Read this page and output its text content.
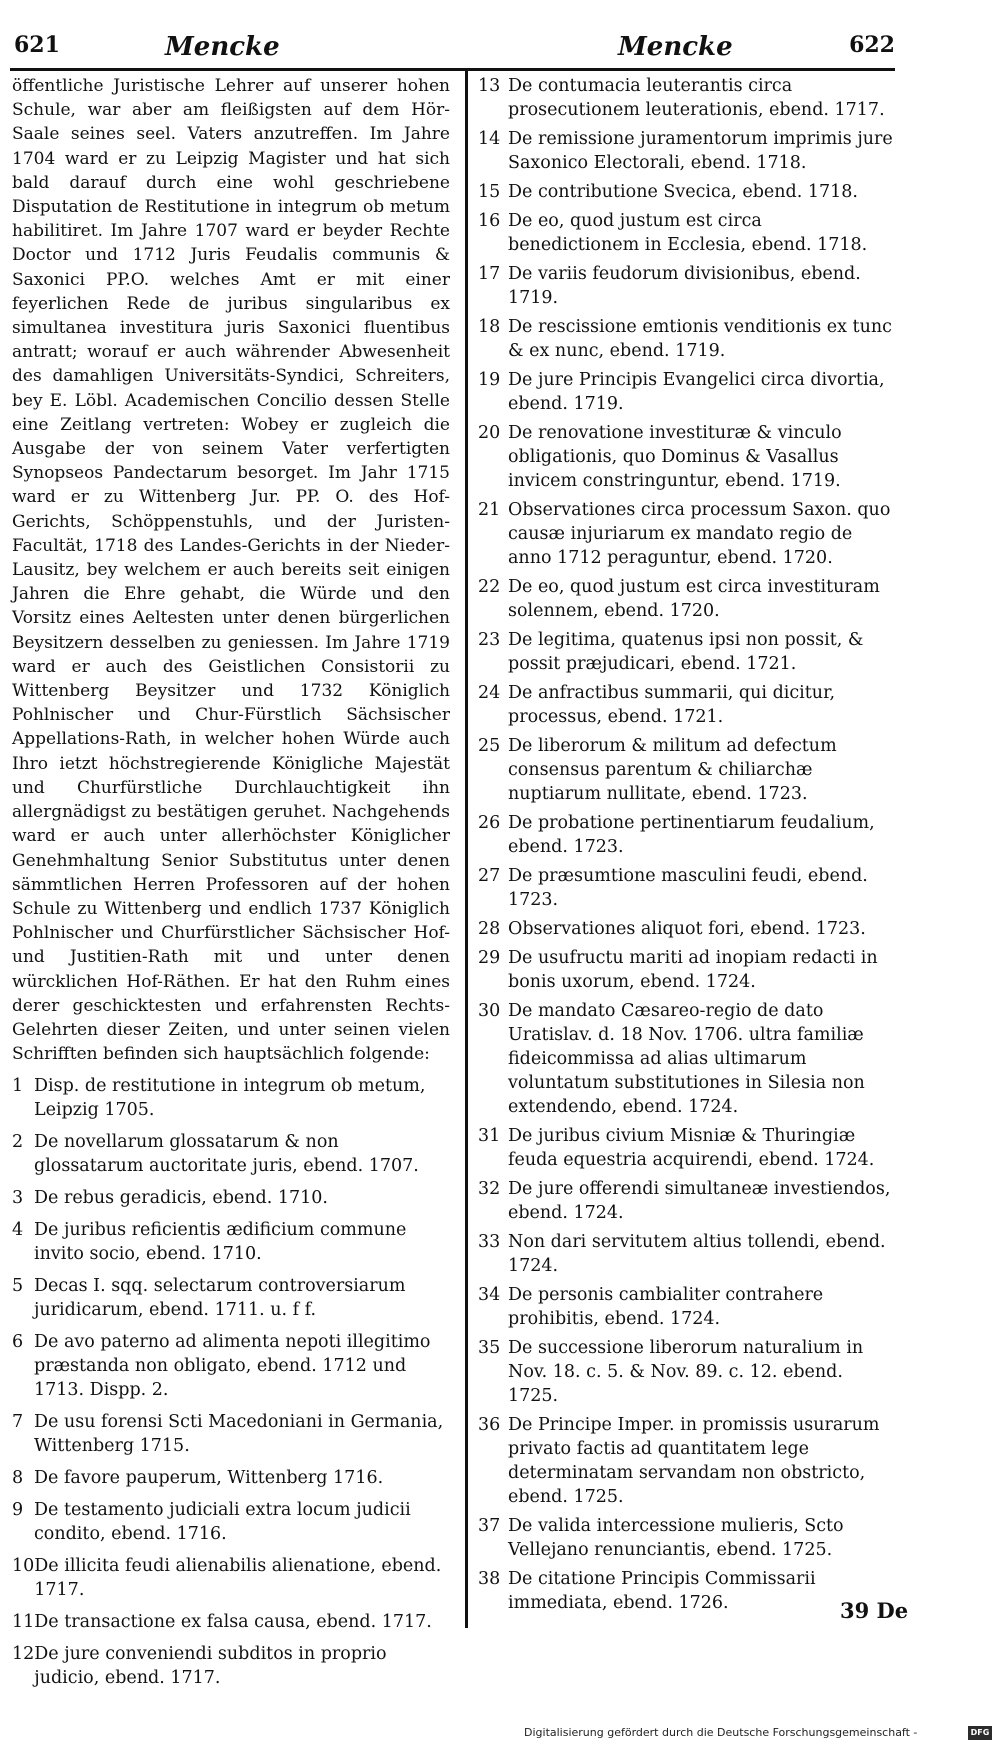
621	Mencke	Mencke	622

öffentliche Juristische Lehrer auf unserer hohen Schule, war aber am fleißigsten auf dem Hör-Saale seines seel. Vaters anzutreffen. Im Jahre 1704 ward er zu Leipzig Magister und hat sich bald darauf durch eine wohl geschriebene Disputation de Restitutione in integrum ob metum habilitiret. Im Jahre 1707 ward er beyder Rechte Doctor und 1712 Juris Feudalis communis & Saxonici PP.O. welches Amt er mit einer feyerlichen Rede de juribus singularibus ex simultanea investitura juris Saxonici fluentibus antratt; worauf er auch währender Abwesenheit des damahligen Universitäts-Syndici, Schreiters, bey E. Löbl. Academischen Concilio dessen Stelle eine Zeitlang vertreten: Wobey er zugleich die Ausgabe der von seinem Vater verfertigten Synopseos Pandectarum besorget. Im Jahr 1715 ward er zu Wittenberg Jur. PP. O. des Hof-Gerichts, Schöppenstuhls, und der Juristen-Facultät, 1718 des Landes-Gerichts in der Nieder-Lausitz, bey welchem er auch bereits seit einigen Jahren die Ehre gehabt, die Würde und den Vorsitz eines Aeltesten unter denen bürgerlichen Beysitzern desselben zu geniessen. Im Jahre 1719 ward er auch des Geistlichen Consistorii zu Wittenberg Beysitzer und 1732 Königlich Pohlnischer und Chur-Fürstlich Sächsischer Appellations-Rath, in welcher hohen Würde auch Ihro ietzt höchstregierende Königliche Majestät und Churfürstliche Durchlauchtigkeit ihn allergnädigst zu bestätigen geruhet. Nachgehends ward er auch unter allerhöchster Königlicher Genehmhaltung Senior Substitutus unter denen sämmtlichen Herren Professoren auf der hohen Schule zu Wittenberg und endlich 1737 Königlich Pohlnischer und Churfürstlicher Sächsischer Hof-und Justitien-Rath mit und unter denen würcklichen Hof-Räthen. Er hat den Ruhm eines derer geschicktesten und erfahrensten Rechts-Gelehrten dieser Zeiten, und unter seinen vielen Schrifften befinden sich hauptsächlich folgende:

1 Disp. de restitutione in integrum ob metum, Leipzig 1705.
2 De novellarum glossatarum & non glossatarum auctoritate juris, ebend. 1707.
3 De rebus geradicis, ebend. 1710.
4 De juribus reficientis ædificium commune invito socio, ebend. 1710.
5 Decas I. sqq. selectarum controversiarum juridicarum, ebend. 1711. u. f f.
6 De avo paterno ad alimenta nepoti illegitimo præstanda non obligato, ebend. 1712 und 1713. Dispp. 2.
7 De usu forensi Scti Macedoniani in Germania, Wittenberg 1715.
8 De favore pauperum, Wittenberg 1716.
9 De testamento judiciali extra locum judicii condito, ebend. 1716.
10 De illicita feudi alienabilis alienatione, ebend. 1717.
11 De transactione ex falsa causa, ebend. 1717.
12 De jure conveniendi subditos in proprio judicio, ebend. 1717.
13 De contumacia leuterantis circa prosecutionem leuterationis, ebend. 1717.
14 De remissione juramentorum imprimis jure Saxonico Electorali, ebend. 1718.
15 De contributione Svecica, ebend. 1718.
16 De eo, quod justum est circa benedictionem in Ecclesia, ebend. 1718.
17 De variis feudorum divisionibus, ebend. 1719.
18 De rescissione emtionis venditionis ex tunc & ex nunc, ebend. 1719.
19 De jure Principis Evangelici circa divortia, ebend. 1719.
20 De renovatione investituræ & vinculo obligationis, quo Dominus & Vasallus invicem constringuntur, ebend. 1719.
21 Observationes circa processum Saxon. quo causæ injuriarum ex mandato regio de anno 1712 peraguntur, ebend. 1720.
22 De eo, quod justum est circa investituram solennem, ebend. 1720.
23 De legitima, quatenus ipsi non possit, & possit præjudicari, ebend. 1721.
24 De anfractibus summarii, qui dicitur, processus, ebend. 1721.
25 De liberorum & militum ad defectum consensus parentum & chiliarchæ nuptiarum nullitate, ebend. 1723.
26 De probatione pertinentiarum feudalium, ebend. 1723.
27 De præsumtione masculini feudi, ebend. 1723.
28 Observationes aliquot fori, ebend. 1723.
29 De usufructu mariti ad inopiam redacti in bonis uxorum, ebend. 1724.
30 De mandato Cæsareo-regio de dato Uratislav. d. 18 Nov. 1706. ultra familiæ fideicommissa ad alias ultimarum voluntatum substitutiones in Silesia non extendendo, ebend. 1724.
31 De juribus civium Misniæ & Thuringiæ feuda equestria acquirendi, ebend. 1724.
32 De jure offerendi simultaneæ investiendos, ebend. 1724.
33 Non dari servitutem altius tollendi, ebend. 1724.
34 De personis cambialiter contrahere prohibitis, ebend. 1724.
35 De successione liberorum naturalium in Nov. 18. c. 5. & Nov. 89. c. 12. ebend. 1725.
36 De Principe Imper. in promissis usurarum privato factis ad quantitatem lege determinatam servandam non obstricto, ebend. 1725.
37 De valida intercessione mulieris, Scto Vellejano renunciantis, ebend. 1725.
38 De citatione Principis Commissarii immediata, ebend. 1726.	39 De
Digitalisierung gefördert durch die Deutsche Forschungsgemeinschaft -	DFG
